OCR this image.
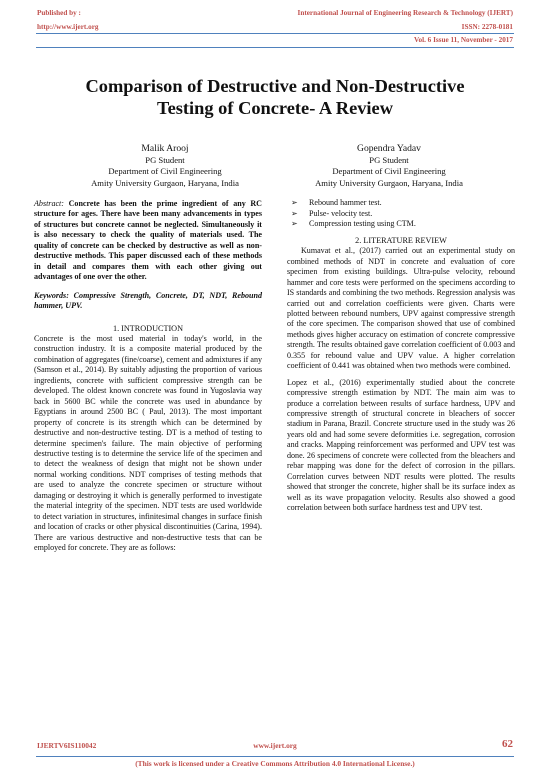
Published by :
http://www.ijert.org
International Journal of Engineering Research & Technology (IJERT)
ISSN: 2278-0181
Vol. 6 Issue 11, November - 2017
Comparison of Destructive and Non-Destructive
Testing of Concrete- A Review
Malik Arooj
PG Student
Department of Civil Engineering
Amity University Gurgaon, Haryana, India
Gopendra Yadav
PG Student
Department of Civil Engineering
Amity University Gurgaon, Haryana, India

Abstract: Concrete has been the prime ingredient of any RC structure for ages. There have been many advancements in types of structures but concrete cannot be neglected. Simultaneously it is also necessary to check the quality of materials used. The quality of concrete can be checked by destructive as well as non-destructive methods. This paper discussed each of these methods in detail and compares them with each other giving out advantages of one over the other.

Keywords: Compressive Strength, Concrete, DT, NDT, Rebound hammer, UPV.

1. INTRODUCTION

Concrete is the most used material in today's world, in the construction industry. It is a composite material produced by the combination of aggregates (fine/coarse), cement and admixtures if any (Samson et al., 2014). By suitably adjusting the proportion of various ingredients, concrete with sufficient compressive strength can be developed. The oldest known concrete was found in Yugoslavia way back in 5600 BC while the concrete was used in abundance by Egyptians in around 2500 BC ( Paul, 2013). The most important property of concrete is its strength which can be determined by destructive and non-destructive testing. DT is a method of testing to determine specimen's failure. The main objective of performing destructive testing is to determine the service life of the specimen and to detect the weakness of design that might not be shown under normal working conditions. NDT comprises of testing methods that are used to analyze the concrete specimen or structure without damaging or destroying it which is generally performed to investigate the material integrity of the specimen. NDT tests are used worldwide to detect variation in structures, infinitesimal changes in surface finish and location of cracks or other physical discontinuities (Carina, 1994). There are various destructive and non-destructive tests that can be employed for concrete. They are as follows:

➢ Rebound hammer test.
➢ Pulse- velocity test.
➢ Compression testing using CTM.

2. LITERATURE REVIEW

Kumavat et al., (2017) carried out an experimental study on combined methods of NDT in concrete and evaluation of core specimen from existing buildings. Ultra-pulse velocity, rebound hammer and core tests were performed on the specimens according to IS standards and combining the two methods. Regression analysis was carried out and correlation coefficients were given. Charts were plotted between rebound numbers, UPV against compressive strength of the core specimen. The comparison showed that use of combined methods gives higher accuracy on estimation of concrete compressive strength. The results obtained gave correlation coefficient of 0.003 and 0.355 for rebound value and UPV value. A higher correlation coefficient of 0.441 was obtained when two methods were combined.

Lopez et al., (2016) experimentally studied about the concrete compressive strength estimation by NDT. The main aim was to produce a correlation between results of surface hardness, UPV and compressive strength of structural concrete in bleachers of soccer stadium in Parana, Brazil. Concrete structure used in the study was 26 years old and had some severe deformities i.e. segregation, corrosion and cracks. Mapping reinforcement was performed and UPV test was done. 26 specimens of concrete were collected from the bleachers and rebar mapping was done for the defect of corrosion in the pillars. Correlation curves between NDT results were plotted. The results showed that stronger the concrete, higher shall be its surface index as well as its wave propagation velocity. Results also showed a good correlation between both surface hardness test and UPV test.

IJERTV6IS110042	www.ijert.org	62
(This work is licensed under a Creative Commons Attribution 4.0 International License.)
